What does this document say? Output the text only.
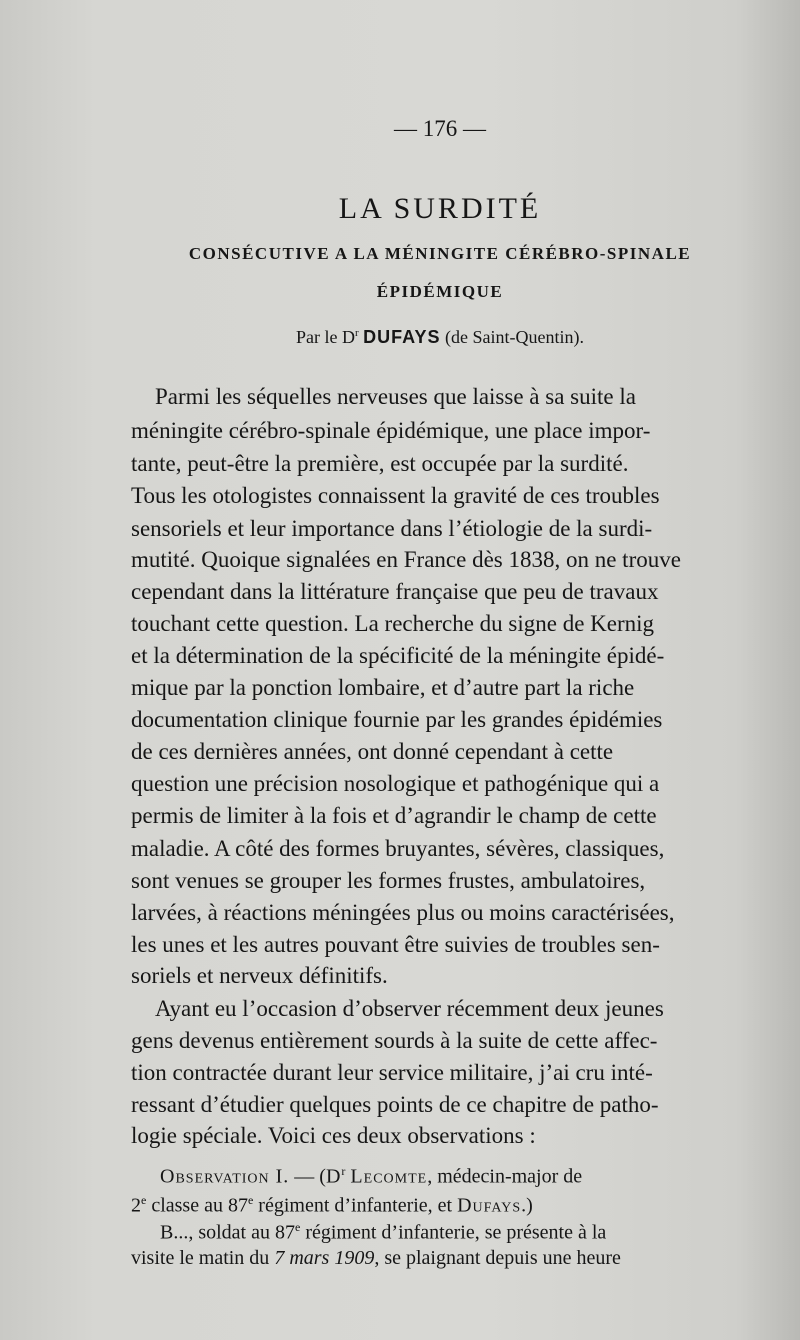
— 176 —
LA SURDITÉ
CONSÉCUTIVE A LA MÉNINGITE CÉRÉBRO-SPINALE
ÉPIDÉMIQUE
Par le $D^r$ DUFAYS (de Saint-Quentin).
Parmi les séquelles nerveuses que laisse à sa suite la
méningite cérébro-spinale épidémique, une place impor-
tante, peut-être la première, est occupée par la surdité.
Tous les otologistes connaissent la gravité de ces troubles
sensoriels et leur importance dans l’étiologie de la surdi-
mutité. Quoique signalées en France dès 1838, on ne trouve
cependant dans la littérature française que peu de travaux
touchant cette question. La recherche du signe de Kernig
et la détermination de la spécificité de la méningite épidé-
mique par la ponction lombaire, et d’autre part la riche
documentation clinique fournie par les grandes épidémies
de ces dernières années, ont donné cependant à cette
question une précision nosologique et pathogénique qui a
permis de limiter à la fois et d’agrandir le champ de cette
maladie. A côté des formes bruyantes, sévères, classiques,
sont venues se grouper les formes frustes, ambulatoires,
larvées, à réactions méningées plus ou moins caractérisées,
les unes et les autres pouvant être suivies de troubles sen-
soriels et nerveux définitifs.
Ayant eu l’occasion d’observer récemment deux jeunes
gens devenus entièrement sourds à la suite de cette affec-
tion contractée durant leur service militaire, j’ai cru inté-
ressant d’étudier quelques points de ce chapitre de patho-
logie spéciale. Voici ces deux observations :
Observation I. — ($D^r$ Lecomte, médecin-major de
2e classe au 87e régiment d’infanterie, et Dufays.)
B..., soldat au 87e régiment d’infanterie, se présente à la
visite le matin du 7 mars 1909, se plaignant depuis une heure
